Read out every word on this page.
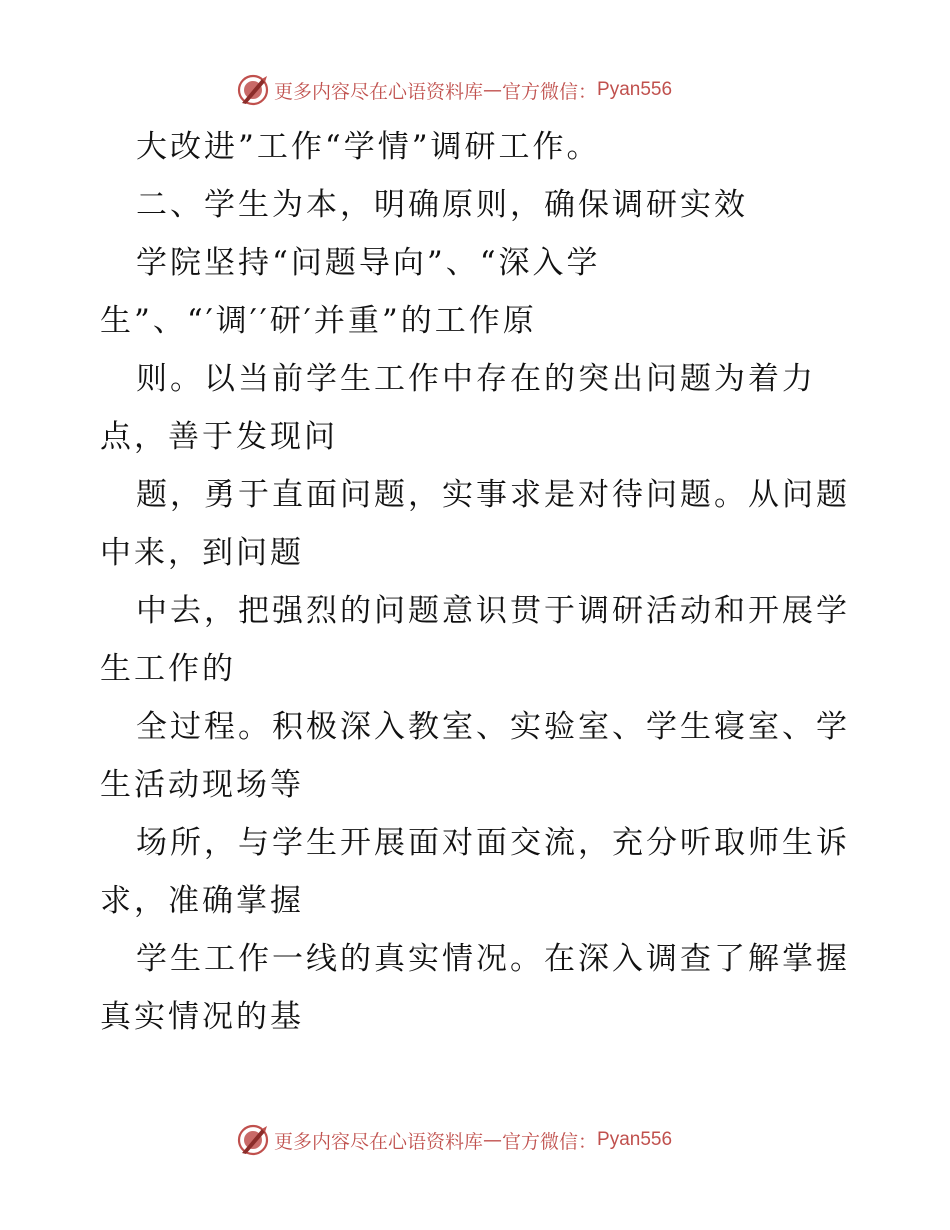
更多内容尽在心语资料库 — 官方微信： Pyan556
大改进”工作“学情”调研工作。
二、学生为本，明确原则，确保调研实效
学院坚持“问题导向”、“深入学
生”、“′调′′研′并重”的工作原
则。以当前学生工作中存在的突出问题为着力
点，善于发现问
题，勇于直面问题，实事求是对待问题。从问题
中来，到问题
中去，把强烈的问题意识贯于调研活动和开展学
生工作的
全过程。积极深入教室、实验室、学生寝室、学
生活动现场等
场所，与学生开展面对面交流，充分听取师生诉
求，准确掌握
学生工作一线的真实情况。在深入调查了解掌握
真实情况的基
更多内容尽在心语资料库 — 官方微信： Pyan556
